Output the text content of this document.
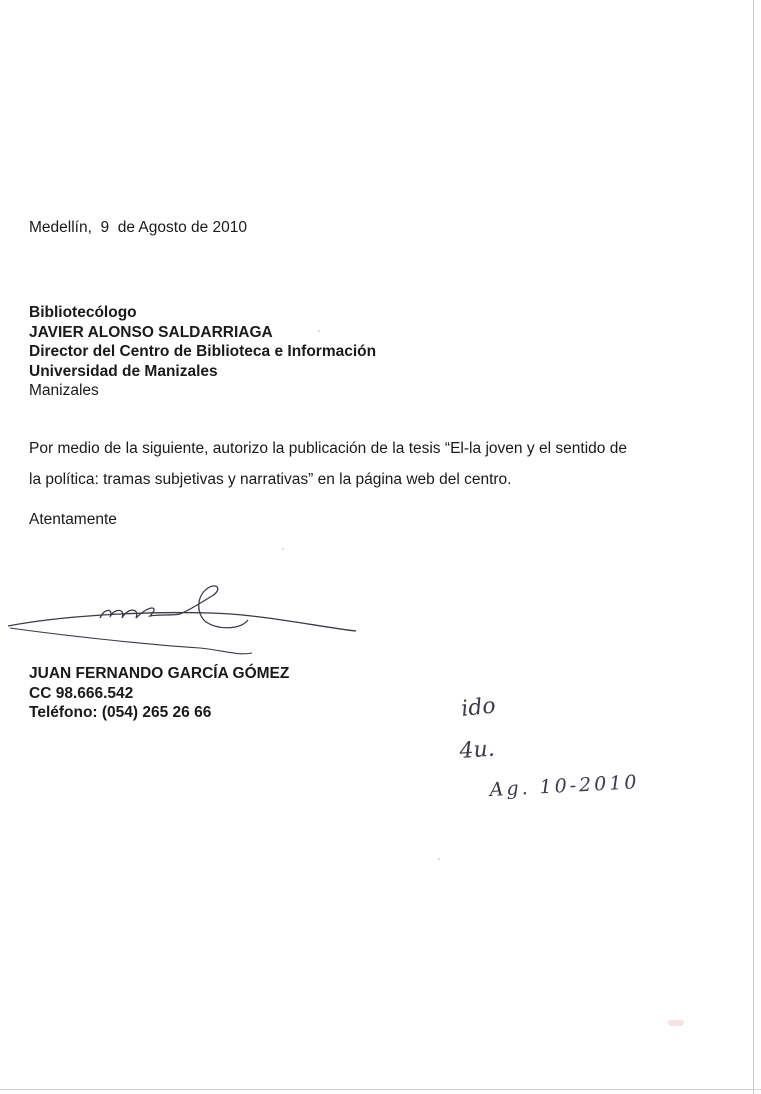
Medellín,  9  de Agosto de 2010
Bibliotecólogo
JAVIER ALONSO SALDARRIAGA
Director del Centro de Biblioteca e Información
Universidad de Manizales
Manizales
Por medio de la siguiente, autorizo la publicación de la tesis “El-la joven y el sentido de la política: tramas subjetivas y narrativas” en la página web del centro.
Atentamente
JUAN FERNANDO GARCÍA GÓMEZ
CC 98.666.542
Teléfono: (054) 265 26 66	ido
4u.
Ag. 10-2010
